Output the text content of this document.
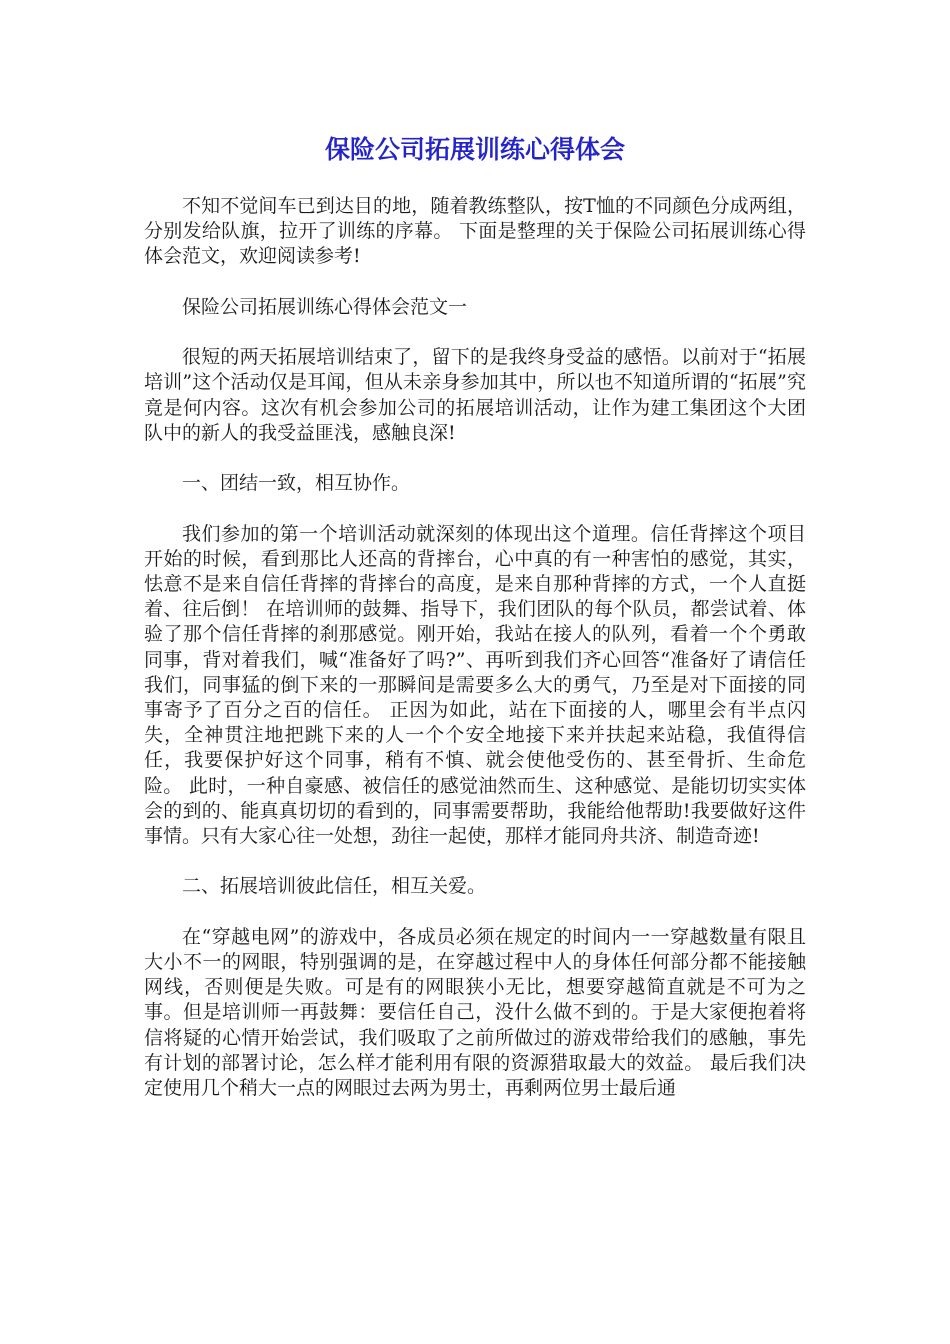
保险公司拓展训练心得体会

不知不觉间车已到达目的地，随着教练整队，按T恤的不同颜色分成两组，分别发给队旗，拉开了训练的序幕。 下面是整理的关于保险公司拓展训练心得体会范文，欢迎阅读参考!

保险公司拓展训练心得体会范文一

很短的两天拓展培训结束了，留下的是我终身受益的感悟。以前对于“拓展培训”这个活动仅是耳闻，但从未亲身参加其中，所以也不知道所谓的“拓展”究竟是何内容。这次有机会参加公司的拓展培训活动，让作为建工集团这个大团队中的新人的我受益匪浅，感触良深!

一、团结一致，相互协作。

我们参加的第一个培训活动就深刻的体现出这个道理。信任背摔这个项目开始的时候，看到那比人还高的背摔台，心中真的有一种害怕的感觉，其实，怯意不是来自信任背摔的背摔台的高度，是来自那种背摔的方式，一个人直挺着、往后倒！ 在培训师的鼓舞、指导下，我们团队的每个队员，都尝试着、体验了那个信任背摔的刹那感觉。刚开始，我站在接人的队列，看着一个个勇敢同事，背对着我们，喊“准备好了吗?”、再听到我们齐心回答“准备好了请信任我们，同事猛的倒下来的一那瞬间是需要多么大的勇气，乃至是对下面接的同事寄予了百分之百的信任。 正因为如此，站在下面接的人，哪里会有半点闪失，全神贯注地把跳下来的人一个个安全地接下来并扶起来站稳，我值得信任，我要保护好这个同事，稍有不慎、就会使他受伤的、甚至骨折、生命危险。 此时，一种自豪感、被信任的感觉油然而生、这种感觉、是能切切实实体会的到的、能真真切切的看到的，同事需要帮助，我能给他帮助!我要做好这件事情。只有大家心往一处想，劲往一起使，那样才能同舟共济、制造奇迹!

二、拓展培训彼此信任，相互关爱。

在“穿越电网”的游戏中，各成员必须在规定的时间内一一穿越数量有限且大小不一的网眼，特别强调的是，在穿越过程中人的身体任何部分都不能接触网线，否则便是失败。可是有的网眼狭小无比，想要穿越简直就是不可为之事。但是培训师一再鼓舞：要信任自己，没什么做不到的。于是大家便抱着将信将疑的心情开始尝试，我们吸取了之前所做过的游戏带给我们的感触，事先有计划的部署讨论，怎么样才能利用有限的资源猎取最大的效益。 最后我们决定使用几个稍大一点的网眼过去两为男士，再剩两位男士最后通
